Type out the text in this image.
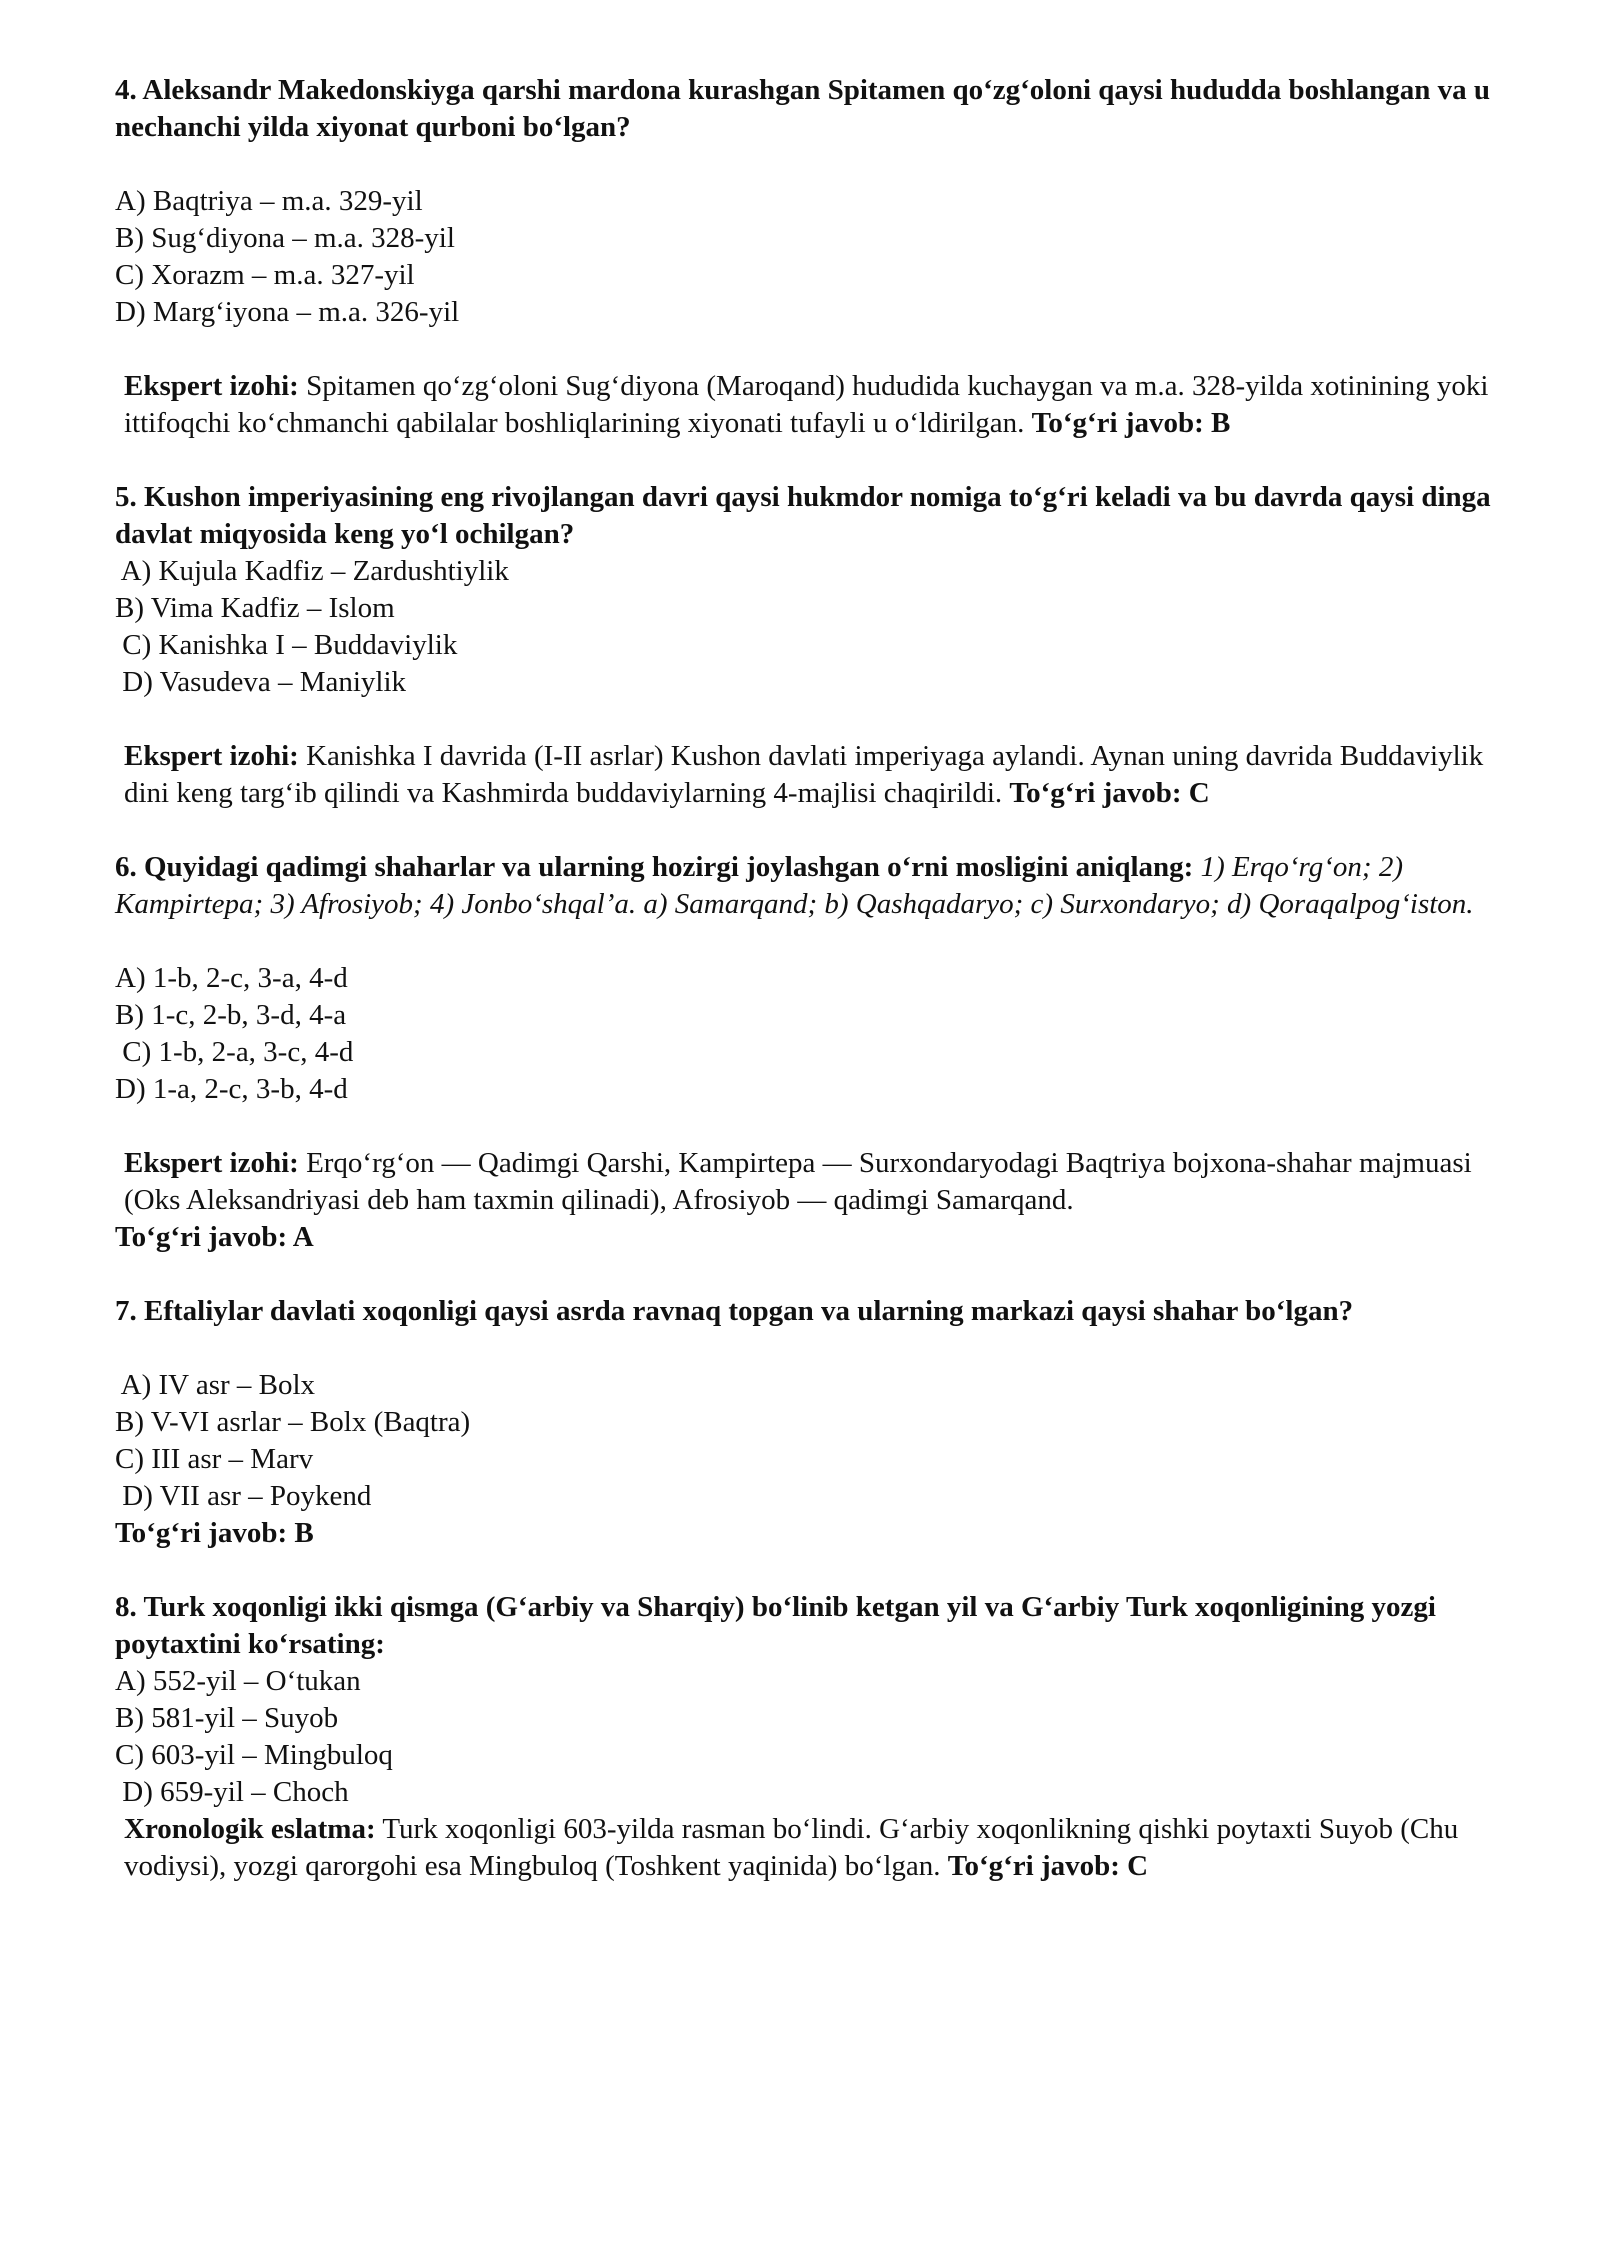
4. Aleksandr Makedonskiyga qarshi mardona kurashgan Spitamen qo‘zg‘oloni qaysi hududda boshlangan va u nechanchi yilda xiyonat qurboni bo‘lgan?

A) Baqtriya – m.a. 329-yil

B) Sug‘diyona – m.a. 328-yil

C) Xorazm – m.a. 327-yil

D) Marg‘iyona – m.a. 326-yil

Ekspert izohi: Spitamen qo‘zg‘oloni Sug‘diyona (Maroqand) hududida kuchaygan va m.a. 328-yilda xotinining yoki ittifoqchi ko‘chmanchi qabilalar boshliqlarining xiyonati tufayli u o‘ldirilgan. To‘g‘ri javob: B

5. Kushon imperiyasining eng rivojlangan davri qaysi hukmdor nomiga to‘g‘ri keladi va bu davrda qaysi dinga davlat miqyosida keng yo‘l ochilgan?

A) Kujula Kadfiz – Zardushtiylik

B) Vima Kadfiz – Islom

C) Kanishka I – Buddaviylik

D) Vasudeva – Maniylik

Ekspert izohi: Kanishka I davrida (I-II asrlar) Kushon davlati imperiyaga aylandi. Aynan uning davrida Buddaviylik dini keng targ‘ib qilindi va Kashmirda buddaviylarning 4-majlisi chaqirildi. To‘g‘ri javob: C

6. Quyidagi qadimgi shaharlar va ularning hozirgi joylashgan o‘rni mosligini aniqlang: 1) Erqo‘rg‘on; 2) Kampirtepa; 3) Afrosiyob; 4) Jonbo‘shqal’a. a) Samarqand; b) Qashqadaryo; c) Surxondaryo; d) Qoraqalpog‘iston.

A) 1-b, 2-c, 3-a, 4-d

B) 1-c, 2-b, 3-d, 4-a

C) 1-b, 2-a, 3-c, 4-d

D) 1-a, 2-c, 3-b, 4-d

Ekspert izohi: Erqo‘rg‘on — Qadimgi Qarshi, Kampirtepa — Surxondaryodagi Baqtriya bojxona-shahar majmuasi (Oks Aleksandriyasi deb ham taxmin qilinadi), Afrosiyob — qadimgi Samarqand.

To‘g‘ri javob: A

7. Eftaliylar davlati xoqonligi qaysi asrda ravnaq topgan va ularning markazi qaysi shahar bo‘lgan?

A) IV asr – Bolx

B) V-VI asrlar – Bolx (Baqtra)

C) III asr – Marv

D) VII asr – Poykend

To‘g‘ri javob: B

8. Turk xoqonligi ikki qismga (G‘arbiy va Sharqiy) bo‘linib ketgan yil va G‘arbiy Turk xoqonligining yozgi poytaxtini ko‘rsating:

A) 552-yil – O‘tukan

B) 581-yil – Suyob

C) 603-yil – Mingbuloq

D) 659-yil – Choch

Xronologik eslatma: Turk xoqonligi 603-yilda rasman bo‘lindi. G‘arbiy xoqonlikning qishki poytaxti Suyob (Chu vodiysi), yozgi qarorgohi esa Mingbuloq (Toshkent yaqinida) bo‘lgan. To‘g‘ri javob: C
